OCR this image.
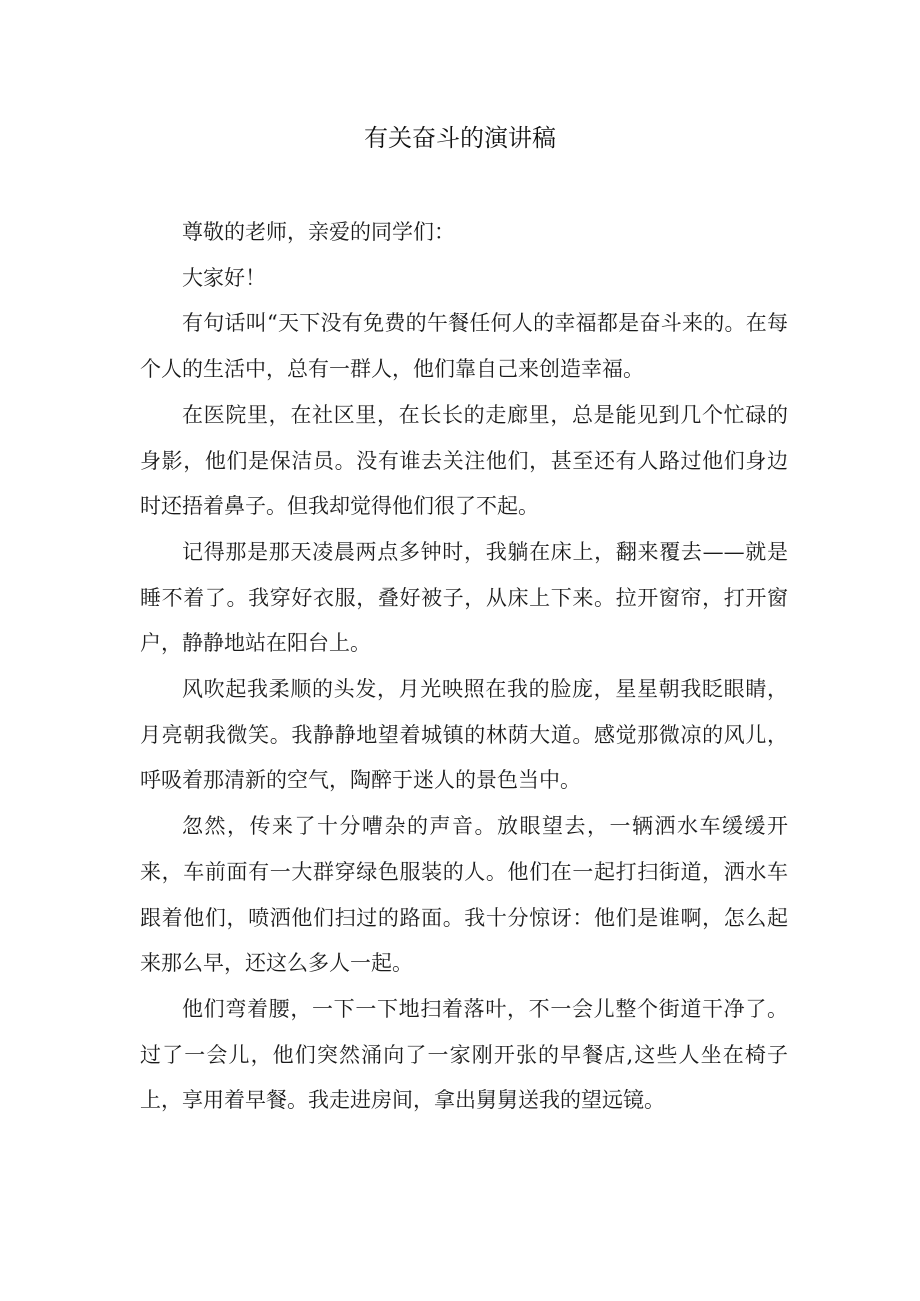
有关奋斗的演讲稿

尊敬的老师，亲爱的同学们：

大家好！

有句话叫“天下没有免费的午餐任何人的幸福都是奋斗来的。在每个人的生活中，总有一群人，他们靠自己来创造幸福。

在医院里，在社区里，在长长的走廊里，总是能见到几个忙碌的身影，他们是保洁员。没有谁去关注他们，甚至还有人路过他们身边时还捂着鼻子。但我却觉得他们很了不起。

记得那是那天凌晨两点多钟时，我躺在床上，翻来覆去——就是睡不着了。我穿好衣服，叠好被子，从床上下来。拉开窗帘，打开窗户，静静地站在阳台上。

风吹起我柔顺的头发，月光映照在我的脸庞，星星朝我眨眼睛，月亮朝我微笑。我静静地望着城镇的林荫大道。感觉那微凉的风儿，呼吸着那清新的空气，陶醉于迷人的景色当中。

忽然，传来了十分嘈杂的声音。放眼望去，一辆洒水车缓缓开来，车前面有一大群穿绿色服装的人。他们在一起打扫街道，洒水车跟着他们，喷洒他们扫过的路面。我十分惊讶：他们是谁啊，怎么起来那么早，还这么多人一起。

他们弯着腰，一下一下地扫着落叶，不一会儿整个街道干净了。过了一会儿，他们突然涌向了一家刚开张的早餐店,这些人坐在椅子上，享用着早餐。我走进房间，拿出舅舅送我的望远镜。
